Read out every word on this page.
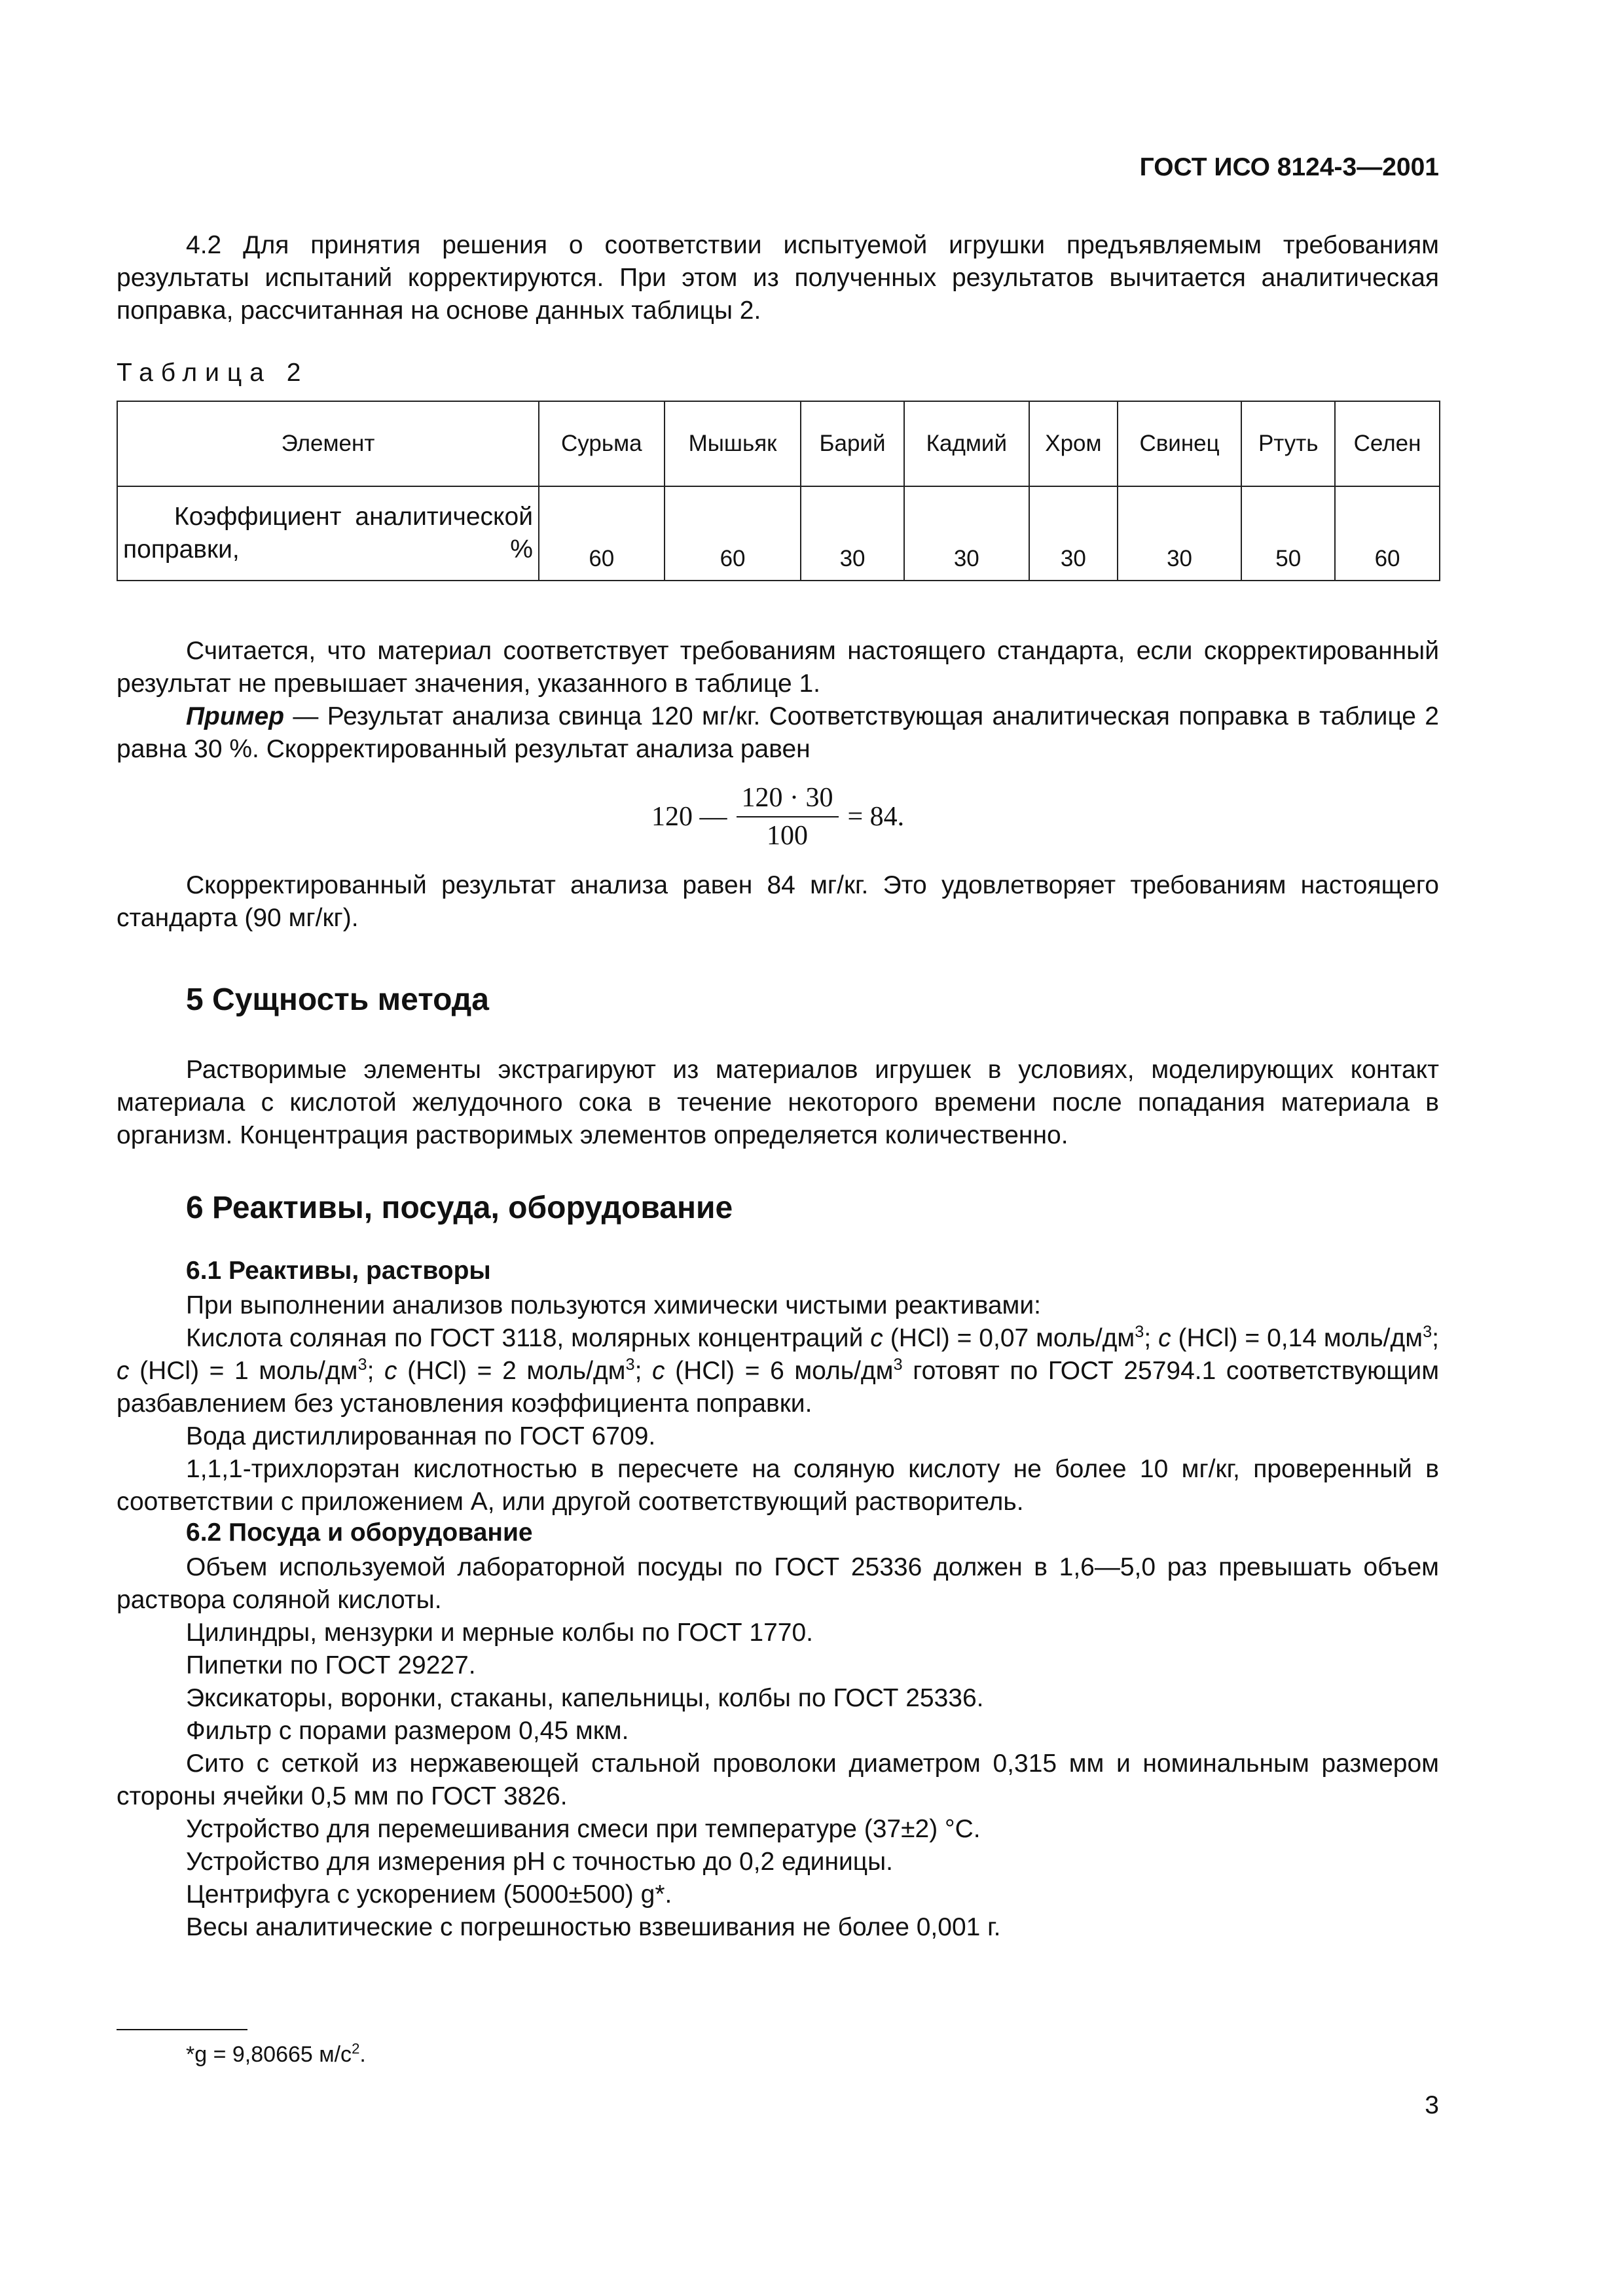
ГОСТ ИСО 8124-3—2001
4.2 Для принятия решения о соответствии испытуемой игрушки предъявляемым требованиям результаты испытаний корректируются. При этом из полученных результатов вычитается аналитическая поправка, рассчитанная на основе данных таблицы 2.
Таблица 2
Элемент	Сурьма	Мышьяк	Барий	Кадмий	Хром	Свинец	Ртуть	Селен

Коэффициент аналитической поправки, %	60	60	30	30	30	30	50	60
Считается, что материал соответствует требованиям настоящего стандарта, если скорректированный результат не превышает значения, указанного в таблице 1.
Пример — Результат анализа свинца 120 мг/кг. Соответствующая аналитическая поправка в таблице 2 равна 30 %. Скорректированный результат анализа равен
120 — $\frac{120 \cdot 30}{100} = 84$.
Скорректированный результат анализа равен 84 мг/кг. Это удовлетворяет требованиям настоящего стандарта (90 мг/кг).
5 Сущность метода
Растворимые элементы экстрагируют из материалов игрушек в условиях, моделирующих контакт материала с кислотой желудочного сока в течение некоторого времени после попадания материала в организм. Концентрация растворимых элементов определяется количественно.
6 Реактивы, посуда, оборудование
6.1 Реактивы, растворы
При выполнении анализов пользуются химически чистыми реактивами:
Кислота соляная по ГОСТ 3118, молярных концентраций c (HCl) = 0,07 моль/$дм^3$; c (HCl) = 0,14 моль/$дм^3$; c (HCl) = 1 моль/$дм^3$; c (HCl) = 2 моль/$дм^3$; c (HCl) = 6 моль/$дм^3$ готовят по ГОСТ 25794.1 соответствующим разбавлением без установления коэффициента поправки.
Вода дистиллированная по ГОСТ 6709.
1,1,1-трихлорэтан кислотностью в пересчете на соляную кислоту не более 10 мг/кг, проверенный в соответствии с приложением А, или другой соответствующий растворитель.
6.2 Посуда и оборудование
Объем используемой лабораторной посуды по ГОСТ 25336 должен в 1,6—5,0 раз превышать объем раствора соляной кислоты.
Цилиндры, мензурки и мерные колбы по ГОСТ 1770.
Пипетки по ГОСТ 29227.
Эксикаторы, воронки, стаканы, капельницы, колбы по ГОСТ 25336.
Фильтр с порами размером 0,45 мкм.
Сито с сеткой из нержавеющей стальной проволоки диаметром 0,315 мм и номинальным размером стороны ячейки 0,5 мм по ГОСТ 3826.
Устройство для перемешивания смеси при температуре (37±2) °С.
Устройство для измерения pH с точностью до 0,2 единицы.
Центрифуга с ускорением (5000±500) g*.
Весы аналитические с погрешностью взвешивания не более 0,001 г.
*g = 9,80665 $м/с^2$.
3
